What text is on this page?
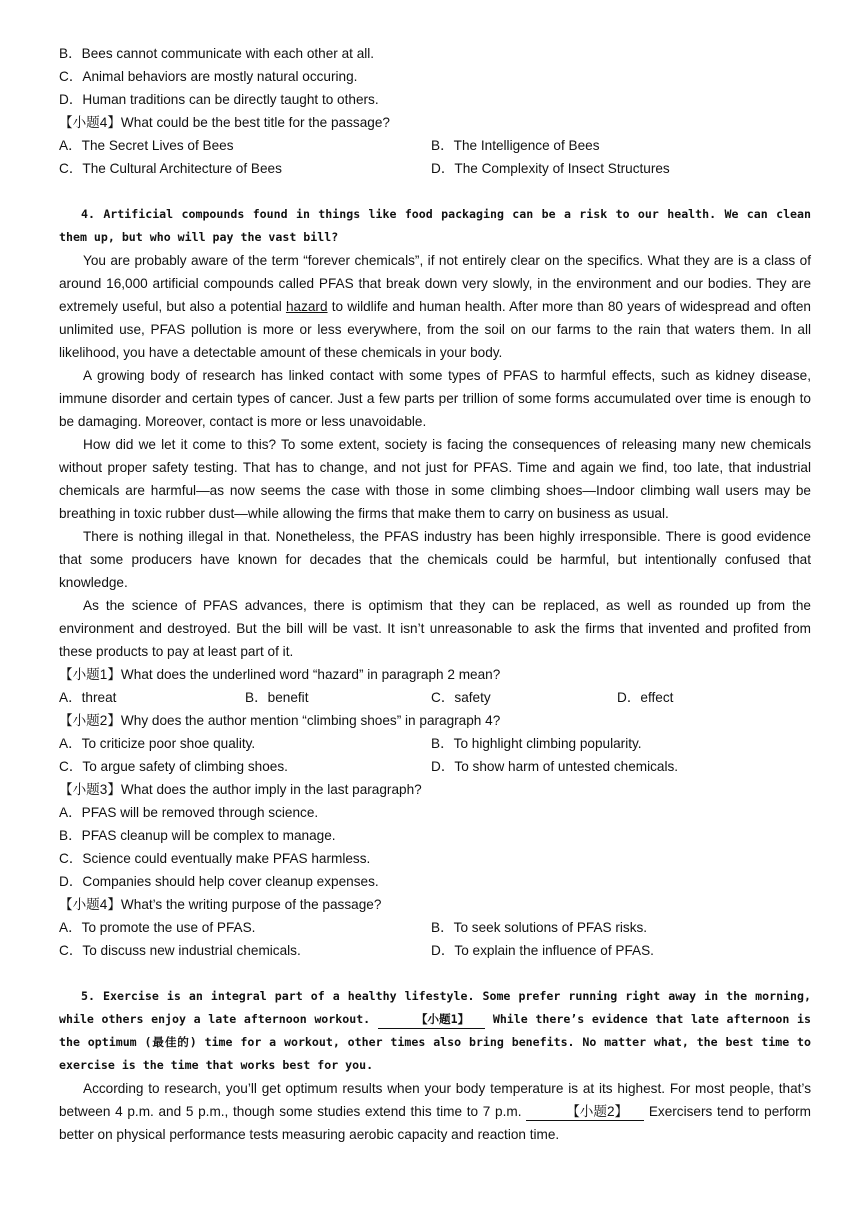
B．Bees cannot communicate with each other at all.
C．Animal behaviors are mostly natural occuring.
D．Human traditions can be directly taught to others.
【小题4】What could be the best title for the passage?
A．The Secret Lives of Bees	B．The Intelligence of Bees
C．The Cultural Architecture of Bees	D．The Complexity of Insect Structures

4. Artificial compounds found in things like food packaging can be a risk to our health. We can clean them up, but who will pay the vast bill?

You are probably aware of the term “forever chemicals”, if not entirely clear on the specifics. What they are is a class of around 16,000 artificial compounds called PFAS that break down very slowly, in the environment and our bodies. They are extremely useful, but also a potential hazard to wildlife and human health. After more than 80 years of widespread and often unlimited use, PFAS pollution is more or less everywhere, from the soil on our farms to the rain that waters them. In all likelihood, you have a detectable amount of these chemicals in your body.

A growing body of research has linked contact with some types of PFAS to harmful effects, such as kidney disease, immune disorder and certain types of cancer. Just a few parts per trillion of some forms accumulated over time is enough to be damaging. Moreover, contact is more or less unavoidable.

How did we let it come to this? To some extent, society is facing the consequences of releasing many new chemicals without proper safety testing. That has to change, and not just for PFAS. Time and again we find, too late, that industrial chemicals are harmful—as now seems the case with those in some climbing shoes—Indoor climbing wall users may be breathing in toxic rubber dust—while allowing the firms that make them to carry on business as usual.

There is nothing illegal in that. Nonetheless, the PFAS industry has been highly irresponsible. There is good evidence that some producers have known for decades that the chemicals could be harmful, but intentionally confused that knowledge.

As the science of PFAS advances, there is optimism that they can be replaced, as well as rounded up from the environment and destroyed. But the bill will be vast. It isn’t unreasonable to ask the firms that invented and profited from these products to pay at least part of it.

【小题1】What does the underlined word “hazard” in paragraph 2 mean?
A．threat	B．benefit	C．safety	D．effect
【小题2】Why does the author mention “climbing shoes” in paragraph 4?
A．To criticize poor shoe quality.	B．To highlight climbing popularity.
C．To argue safety of climbing shoes.	D．To show harm of untested chemicals.
【小题3】What does the author imply in the last paragraph?
A．PFAS will be removed through science.
B．PFAS cleanup will be complex to manage.
C．Science could eventually make PFAS harmless.
D．Companies should help cover cleanup expenses.
【小题4】What’s the writing purpose of the passage?
A．To promote the use of PFAS.	B．To seek solutions of PFAS risks.
C．To discuss new industrial chemicals.	D．To explain the influence of PFAS.

5. Exercise is an integral part of a healthy lifestyle. Some prefer running right away in the morning, while others enjoy a late afternoon workout.	【小题1】 While there’s evidence that late afternoon is the optimum (最佳的) time for a workout, other times also bring benefits. No matter what, the best time to exercise is the time that works best for you.

According to research, you’ll get optimum results when your body temperature is at its highest. For most people, that’s between 4 p.m. and 5 p.m., though some studies extend this time to 7 p.m.	【小题2】 Exercisers tend to perform better on physical performance tests measuring aerobic capacity and reaction time.
